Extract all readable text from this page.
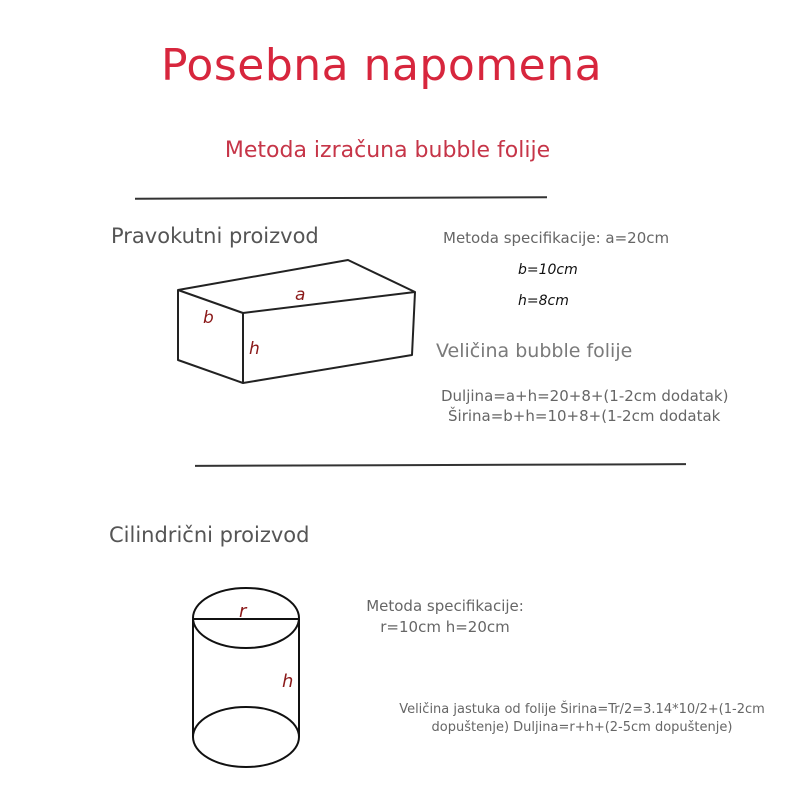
Posebna napomena
Metoda izračuna bubble folije
Pravokutni proizvod
a
b
h
Metoda specifikacije: a=20cm
b=10cm
h=8cm
Veličina bubble folije
Duljina=a+h=20+8+(1-2cm dodatak)
Širina=b+h=10+8+(1-2cm dodatak
Cilindrični proizvod
r
h
Metoda specifikacije:
r=10cm h=20cm
Veličina jastuka od folije Širina=Tr/2=3.14*10/2+(1-2cm
dopuštenje) Duljina=r+h+(2-5cm dopuštenje)
